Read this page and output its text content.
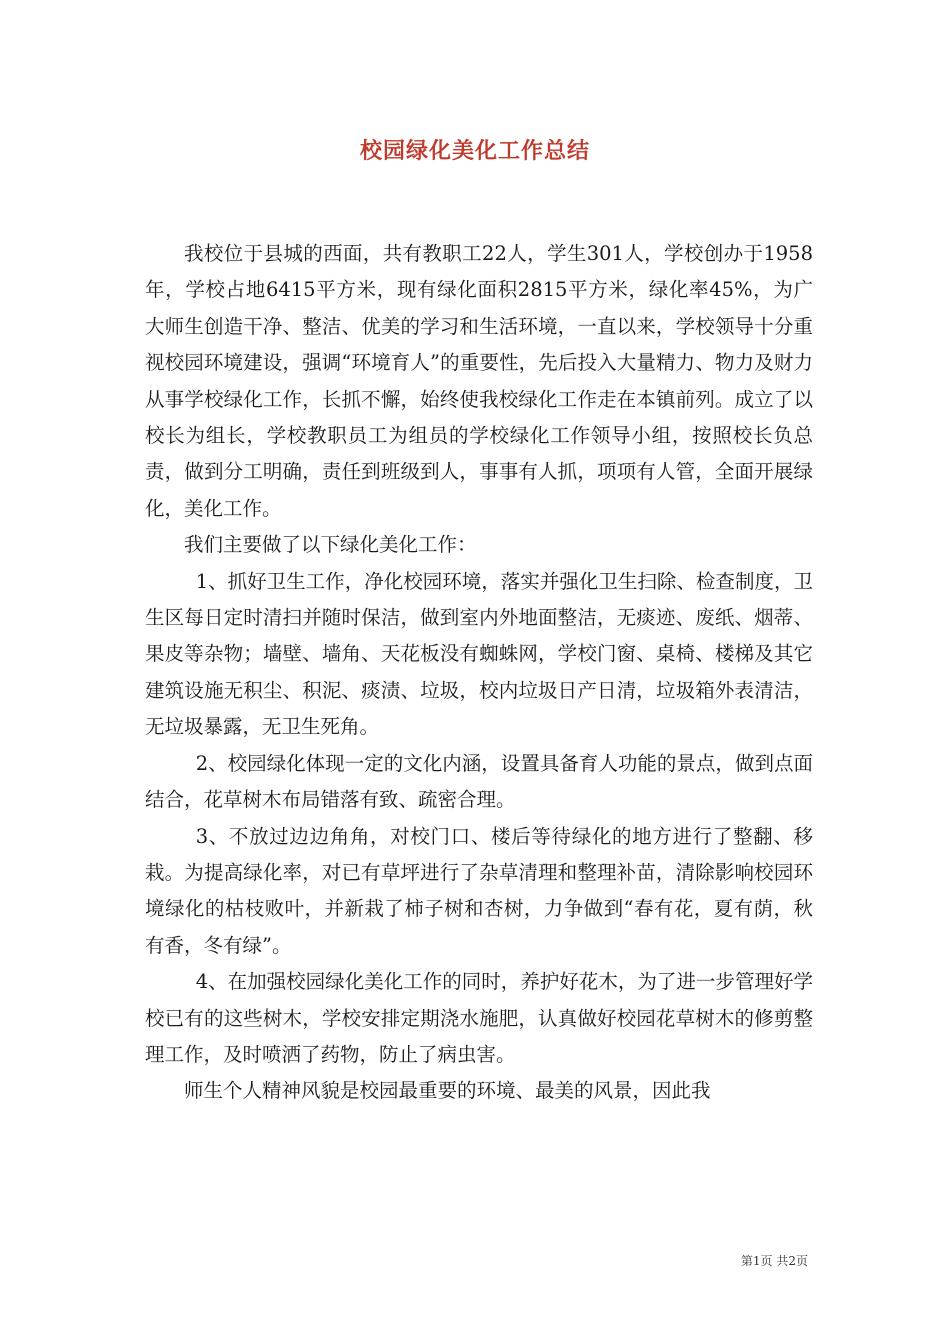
校园绿化美化工作总结

我校位于县城的西面，共有教职工22人，学生301人，学校创办于1958年，学校占地6415平方米，现有绿化面积2815平方米，绿化率45%，为广大师生创造干净、整洁、优美的学习和生活环境，一直以来，学校领导十分重视校园环境建设，强调“环境育人”的重要性，先后投入大量精力、物力及财力从事学校绿化工作，长抓不懈，始终使我校绿化工作走在本镇前列。成立了以校长为组长，学校教职员工为组员的学校绿化工作领导小组，按照校长负总责，做到分工明确，责任到班级到人，事事有人抓，项项有人管，全面开展绿化，美化工作。

我们主要做了以下绿化美化工作：

1、抓好卫生工作，净化校园环境，落实并强化卫生扫除、检查制度，卫生区每日定时清扫并随时保洁，做到室内外地面整洁，无痰迹、废纸、烟蒂、果皮等杂物；墙壁、墙角、天花板没有蜘蛛网，学校门窗、桌椅、楼梯及其它建筑设施无积尘、积泥、痰渍、垃圾，校内垃圾日产日清，垃圾箱外表清洁，无垃圾暴露，无卫生死角。

2、校园绿化体现一定的文化内涵，设置具备育人功能的景点，做到点面结合，花草树木布局错落有致、疏密合理。

3、不放过边边角角，对校门口、楼后等待绿化的地方进行了整翻、移栽。为提高绿化率，对已有草坪进行了杂草清理和整理补苗，清除影响校园环境绿化的枯枝败叶，并新栽了柿子树和杏树，力争做到“春有花，夏有荫，秋有香，冬有绿”。

4、在加强校园绿化美化工作的同时，养护好花木，为了进一步管理好学校已有的这些树木，学校安排定期浇水施肥，认真做好校园花草树木的修剪整理工作，及时喷洒了药物，防止了病虫害。

师生个人精神风貌是校园最重要的环境、最美的风景，因此我

第1页 共2页
